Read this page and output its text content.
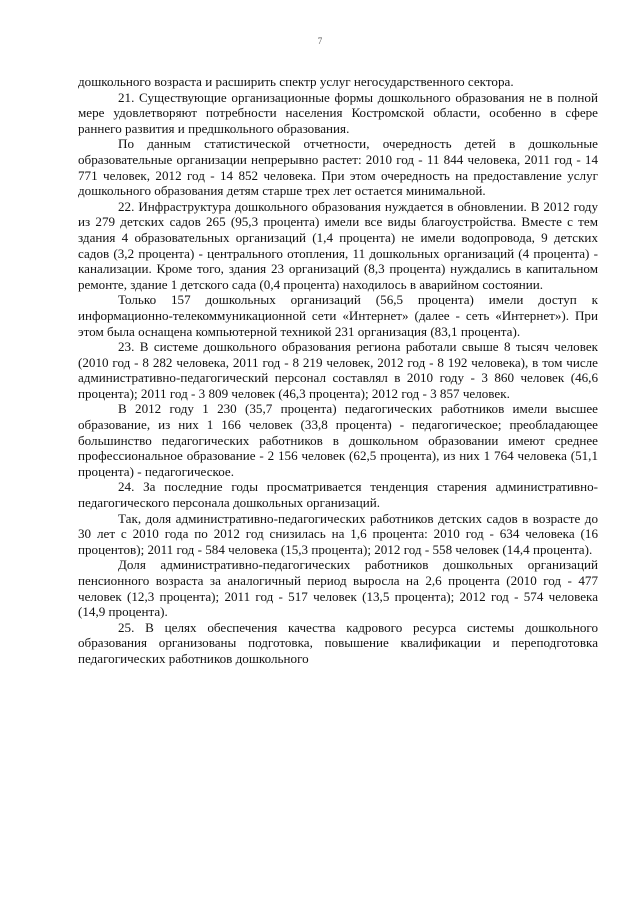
7

дошкольного возраста и расширить спектр услуг негосударственного сектора.

21. Существующие организационные формы дошкольного образования не в полной мере удовлетворяют потребности населения Костромской области, особенно в сфере раннего развития и предшкольного образования.

По данным статистической отчетности, очередность детей в дошкольные образовательные организации непрерывно растет: 2010 год - 11 844 человека, 2011 год - 14 771 человек, 2012 год - 14 852 человека. При этом очередность на предоставление услуг дошкольного образования детям старше трех лет остается минимальной.

22. Инфраструктура дошкольного образования нуждается в обновлении. В 2012 году из 279 детских садов 265 (95,3 процента) имели все виды благоустройства. Вместе с тем здания 4 образовательных организаций (1,4 процента) не имели водопровода, 9 детских садов (3,2 процента) - центрального отопления, 11 дошкольных организаций (4 процента) - канализации. Кроме того, здания 23 организаций (8,3 процента) нуждались в капитальном ремонте, здание 1 детского сада (0,4 процента) находилось в аварийном состоянии.

Только 157 дошкольных организаций (56,5 процента) имели доступ к информационно-телекоммуникационной сети «Интернет» (далее - сеть «Интернет»). При этом была оснащена компьютерной техникой 231 организация (83,1 процента).

23. В системе дошкольного образования региона работали свыше 8 тысяч человек (2010 год - 8 282 человека, 2011 год - 8 219 человек, 2012 год - 8 192 человека), в том числе административно-педагогический персонал составлял в 2010 году - 3 860 человек (46,6 процента); 2011 год - 3 809 человек (46,3 процента); 2012 год - 3 857 человек.

В 2012 году 1 230 (35,7 процента) педагогических работников имели высшее образование, из них 1 166 человек (33,8 процента) - педагогическое; преобладающее большинство педагогических работников в дошкольном образовании имеют среднее профессиональное образование - 2 156 человек (62,5 процента), из них 1 764 человека (51,1 процента) - педагогическое.

24. За последние годы просматривается тенденция старения административно-педагогического персонала дошкольных организаций.

Так, доля административно-педагогических работников детских садов в возрасте до 30 лет с 2010 года по 2012 год снизилась на 1,6 процента: 2010 год - 634 человека (16 процентов); 2011 год - 584 человека (15,3 процента); 2012 год - 558 человек (14,4 процента).

Доля административно-педагогических работников дошкольных организаций пенсионного возраста за аналогичный период выросла на 2,6 процента (2010 год - 477 человек (12,3 процента); 2011 год - 517 человек (13,5 процента); 2012 год - 574 человека (14,9 процента).

25. В целях обеспечения качества кадрового ресурса системы дошкольного образования организованы подготовка, повышение квалификации и переподготовка педагогических работников дошкольного
